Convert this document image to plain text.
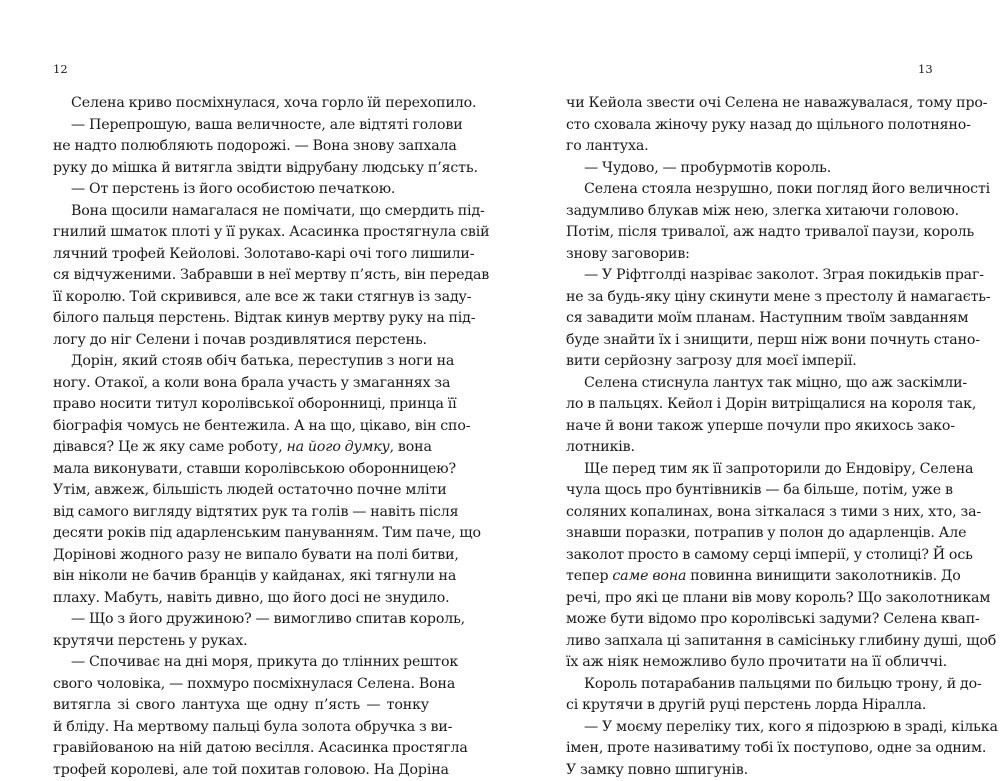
12
Селена криво посміхнулася, хоча горло їй перехопило.
— Перепрошую, ваша величносте, але відтяті голови
не надто полюбляють подорожі. — Вона знову запхала
руку до мішка й витягла звідти відрубану людську п’ясть.
— От перстень із його особистою печаткою.
Вона щосили намагалася не помічати, що смердить під-
гнилий шматок плоті у її руках. Асасинка простягнула свій
лячний трофей Кейоловi. Золотаво-карі очі того лишили-
ся відчуженими. Забравши в неї мертву п’ясть, він передав
її королю. Той скривився, але все ж таки стягнув із заду-
білого пальця перстень. Відтак кинув мертву руку на під-
логу до ніг Селени і почав роздивлятися перстень.
Дорін, який стояв обіч батька, переступив з ноги на
ногу. Отакої, а коли вона брала участь у змаганнях за
право носити титул королівської оборонниці, принца її
біографія чомусь не бентежила. А на що, цікаво, він спо-
дівався? Це ж яку саме роботу, на його думку, вона
мала виконувати, ставши королівською оборонницею?
Утім, авжеж, більшість людей остаточно почне мліти
від самого вигляду відтятих рук та голів — навіть після
десяти років під адарленським пануванням. Тим паче, що
Дорінові жодного разу не випало бувати на полі битви,
він ніколи не бачив бранців у кайданах, які тягнули на
плаху. Мабуть, навіть дивно, що його досі не знудило.
— Що з його дружиною? — вимогливо спитав король,
крутячи перстень у руках.
— Спочиває на дні моря, прикута до тлінних решток
свого чоловіка, — похмуро посміхнулася Селена. Вона
витягла зі свого лантуха ще одну п’ясть — тонку
й бліду. На мертвому пальці була золота обручка з ви-
гравійованою на ній датою весілля. Асасинка простягла
трофей королеві, але той похитав головою. На Доріна
13
чи Кейола звести очі Селена не наважувалася, тому про-
сто сховала жіночу руку назад до щільного полотняно-
го лантуха.
— Чудово, — пробурмотів король.
Селена стояла незрушно, поки погляд його величності
задумливо блукав між нею, злегка хитаючи головою.
Потім, після тривалої, аж надто тривалої паузи, король
знову заговорив:
— У Ріфтголді назріває заколот. Зграя покидьків праг-
не за будь-яку ціну скинути мене з престолу й намагаєть-
ся завадити моїм планам. Наступним твоїм завданням
буде знайти їх і знищити, перш ніж вони почнуть стано-
вити серйозну загрозу для моєї імперії.
Селена стиснула лантух так міцно, що аж заскімли-
ло в пальцях. Кейол і Дорін витріщалися на короля так,
наче й вони також уперше почули про якихось зако-
лотників.
Ще перед тим як її запроторили до Ендовіру, Селена
чула щось про бунтівників — ба більше, потім, уже в
соляних копалинах, вона зіткалася з тими з них, хто, за-
знавши поразки, потрапив у полон до адарленців. Але
заколот просто в самому серці імперії, у столиці? Й ось
тепер саме вона повинна винищити заколотників. До
речі, про які це плани вів мову король? Що заколотникам
може бути відомо про королівські задуми? Селена квап-
ливо запхала ці запитання в самісіньку глибину душі, щоб
їх аж ніяк неможливо було прочитати на її обличчі.
Король потарабанив пальцями по бильцю трону, й до-
сі крутячи в другій руці перстень лорда Ніралла.
— У моєму переліку тих, кого я підозрюю в зраді, кілька
імен, проте називатиму тобі їх поступово, одне за одним.
У замку повно шпигунів.
